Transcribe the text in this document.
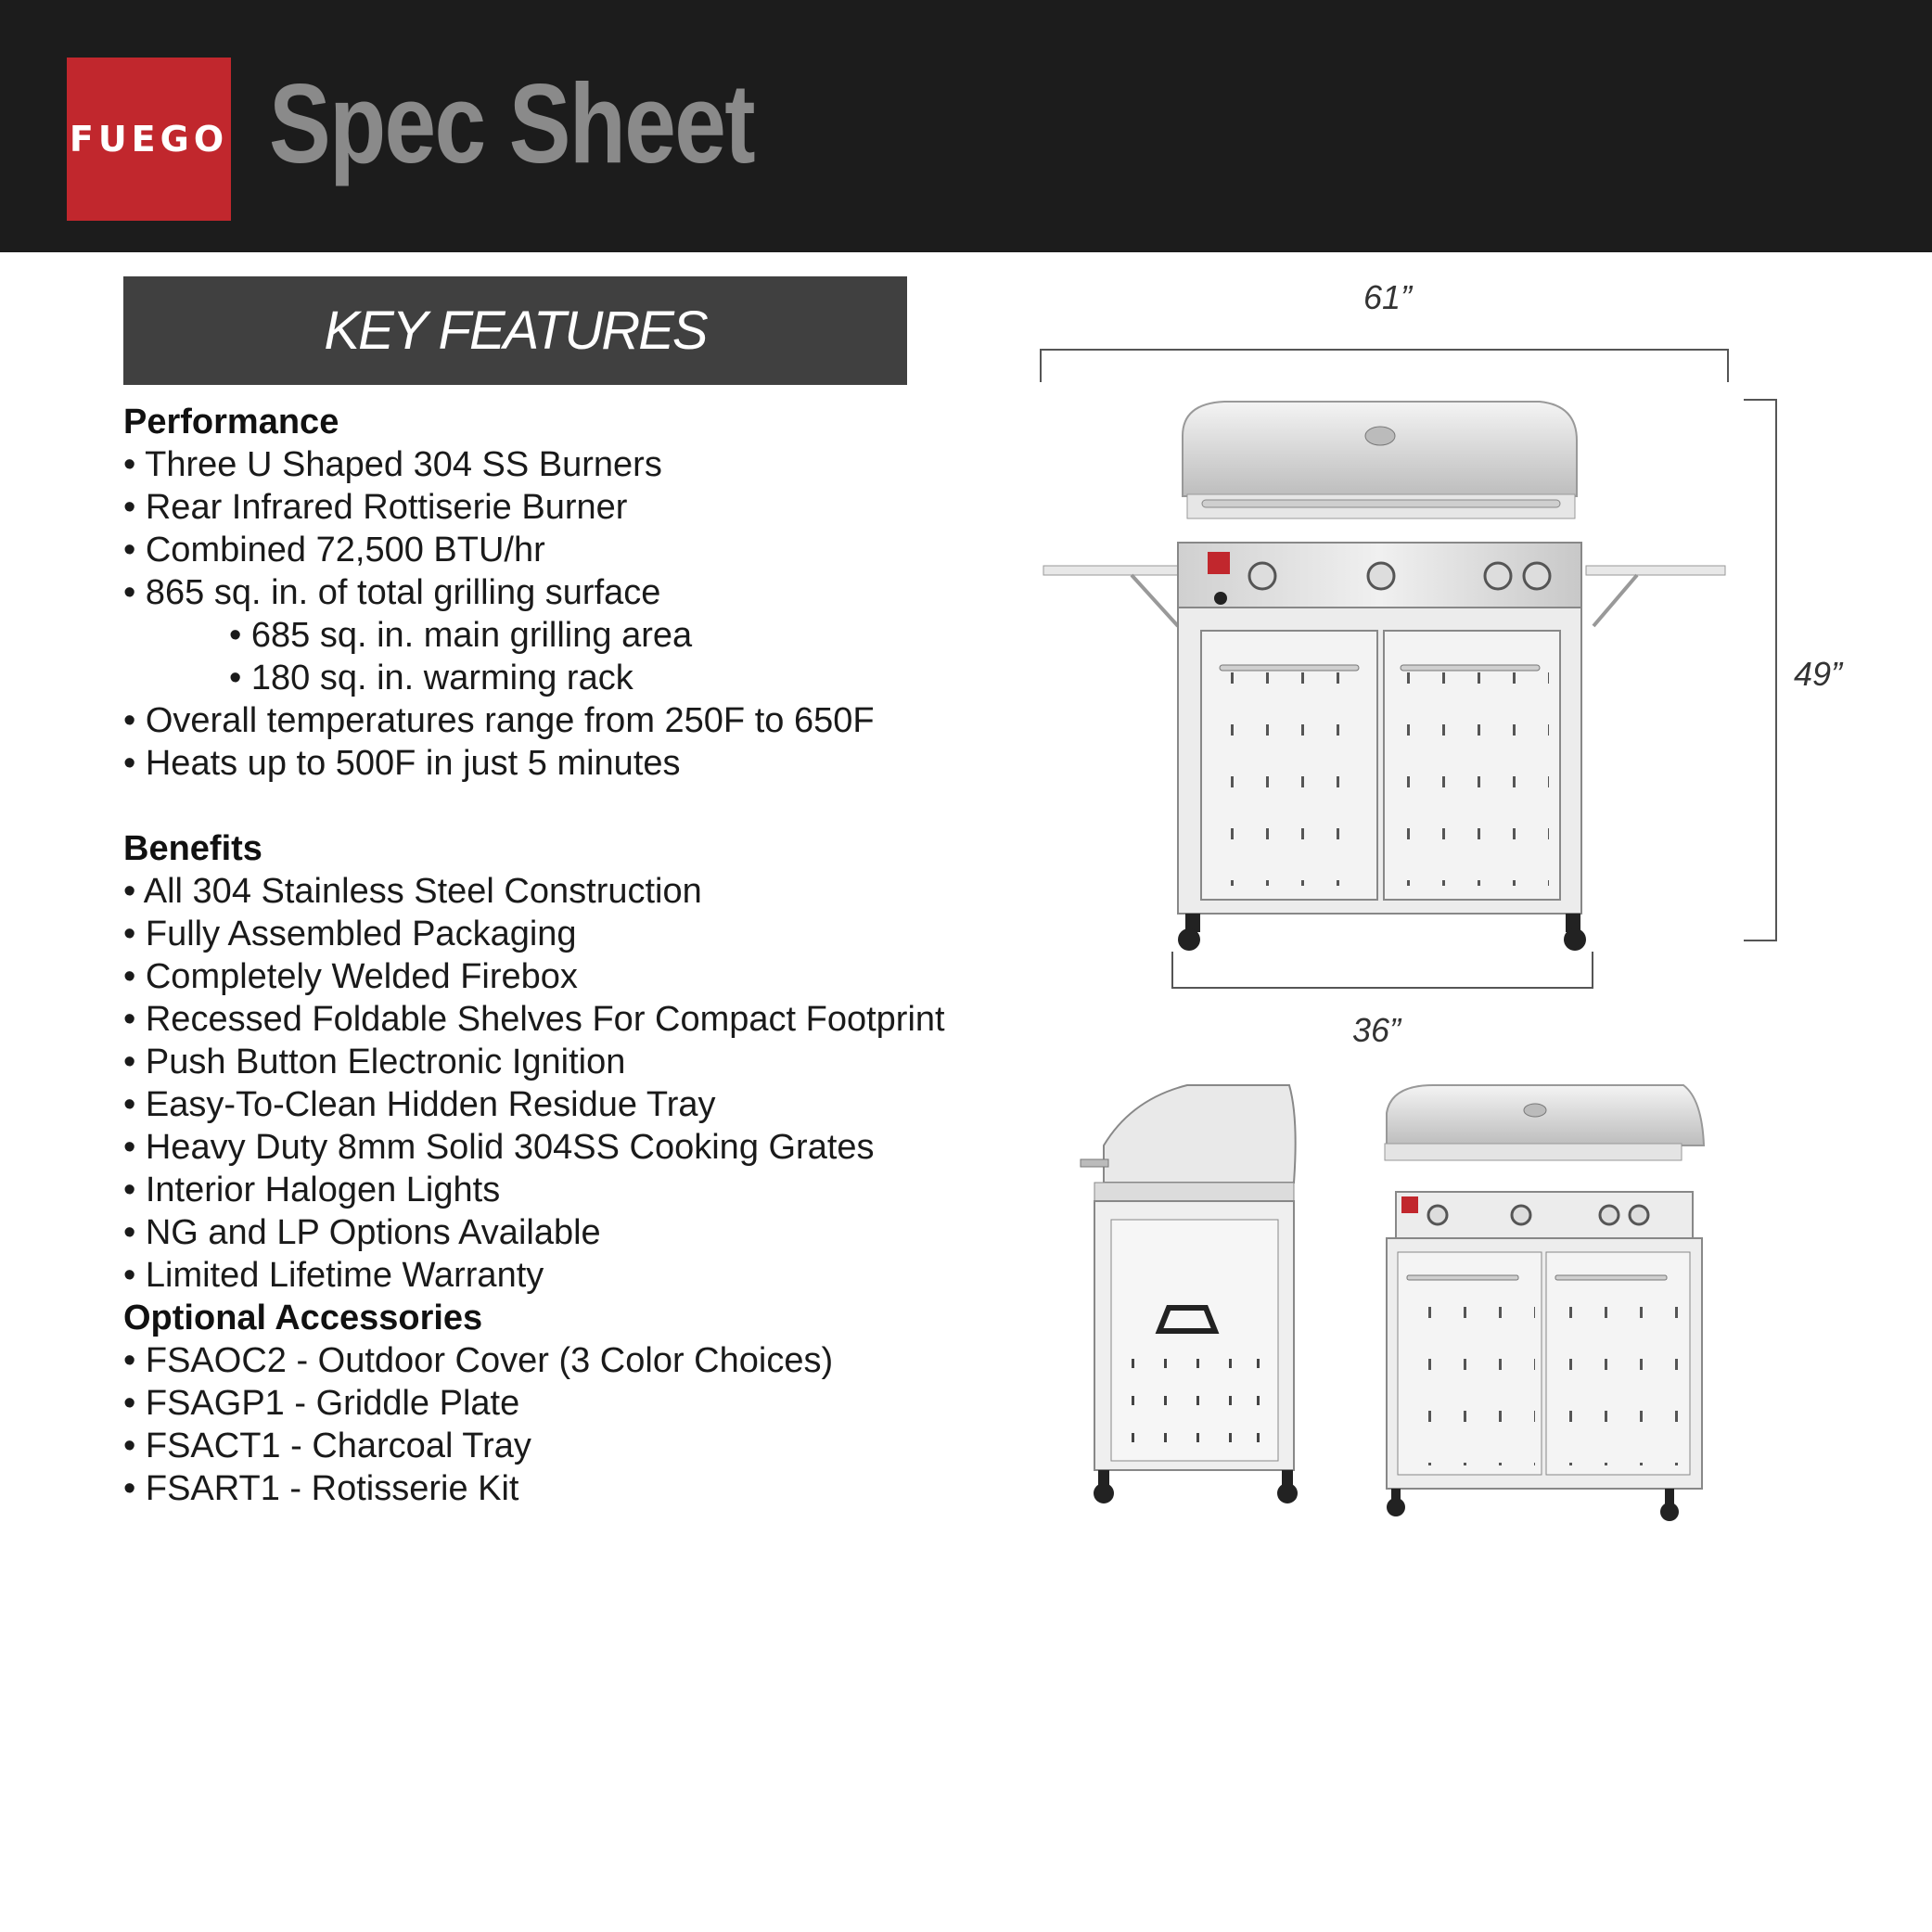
FUEGO Spec Sheet
KEY FEATURES
Performance
• Three U Shaped 304 SS Burners
• Rear Infrared Rottiserie Burner
• Combined 72,500 BTU/hr
• 865 sq. in. of total grilling surface
• 685 sq. in. main grilling area
• 180 sq. in. warming rack
• Overall temperatures range from 250F to 650F
• Heats up to 500F in just 5 minutes
Benefits
• All 304 Stainless Steel Construction
• Fully Assembled Packaging
• Completely Welded Firebox
• Recessed Foldable Shelves For Compact Footprint
• Push Button Electronic Ignition
• Easy-To-Clean Hidden Residue Tray
• Heavy Duty 8mm Solid 304SS Cooking Grates
• Interior Halogen Lights
• NG and LP Options Available
• Limited Lifetime Warranty
Optional Accessories
• FSAOC2 - Outdoor Cover (3 Color Choices)
• FSAGP1 - Griddle Plate
• FSACT1 - Charcoal Tray
• FSART1 - Rotisserie Kit
61”
49”
36”
